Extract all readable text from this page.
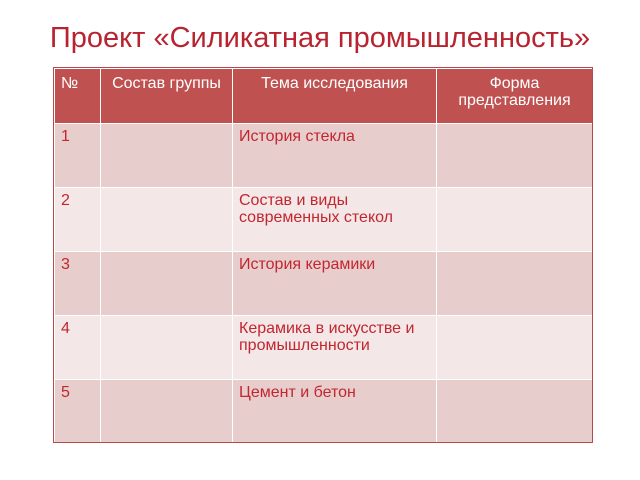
Проект «Силикатная промышленность»
№	Состав группы	Тема исследования	Форма представления
1		История стекла	
2		Состав и виды современных стекол	
3		История керамики	
4		Керамика в искусстве и промышленности	
5		Цемент и бетон	
